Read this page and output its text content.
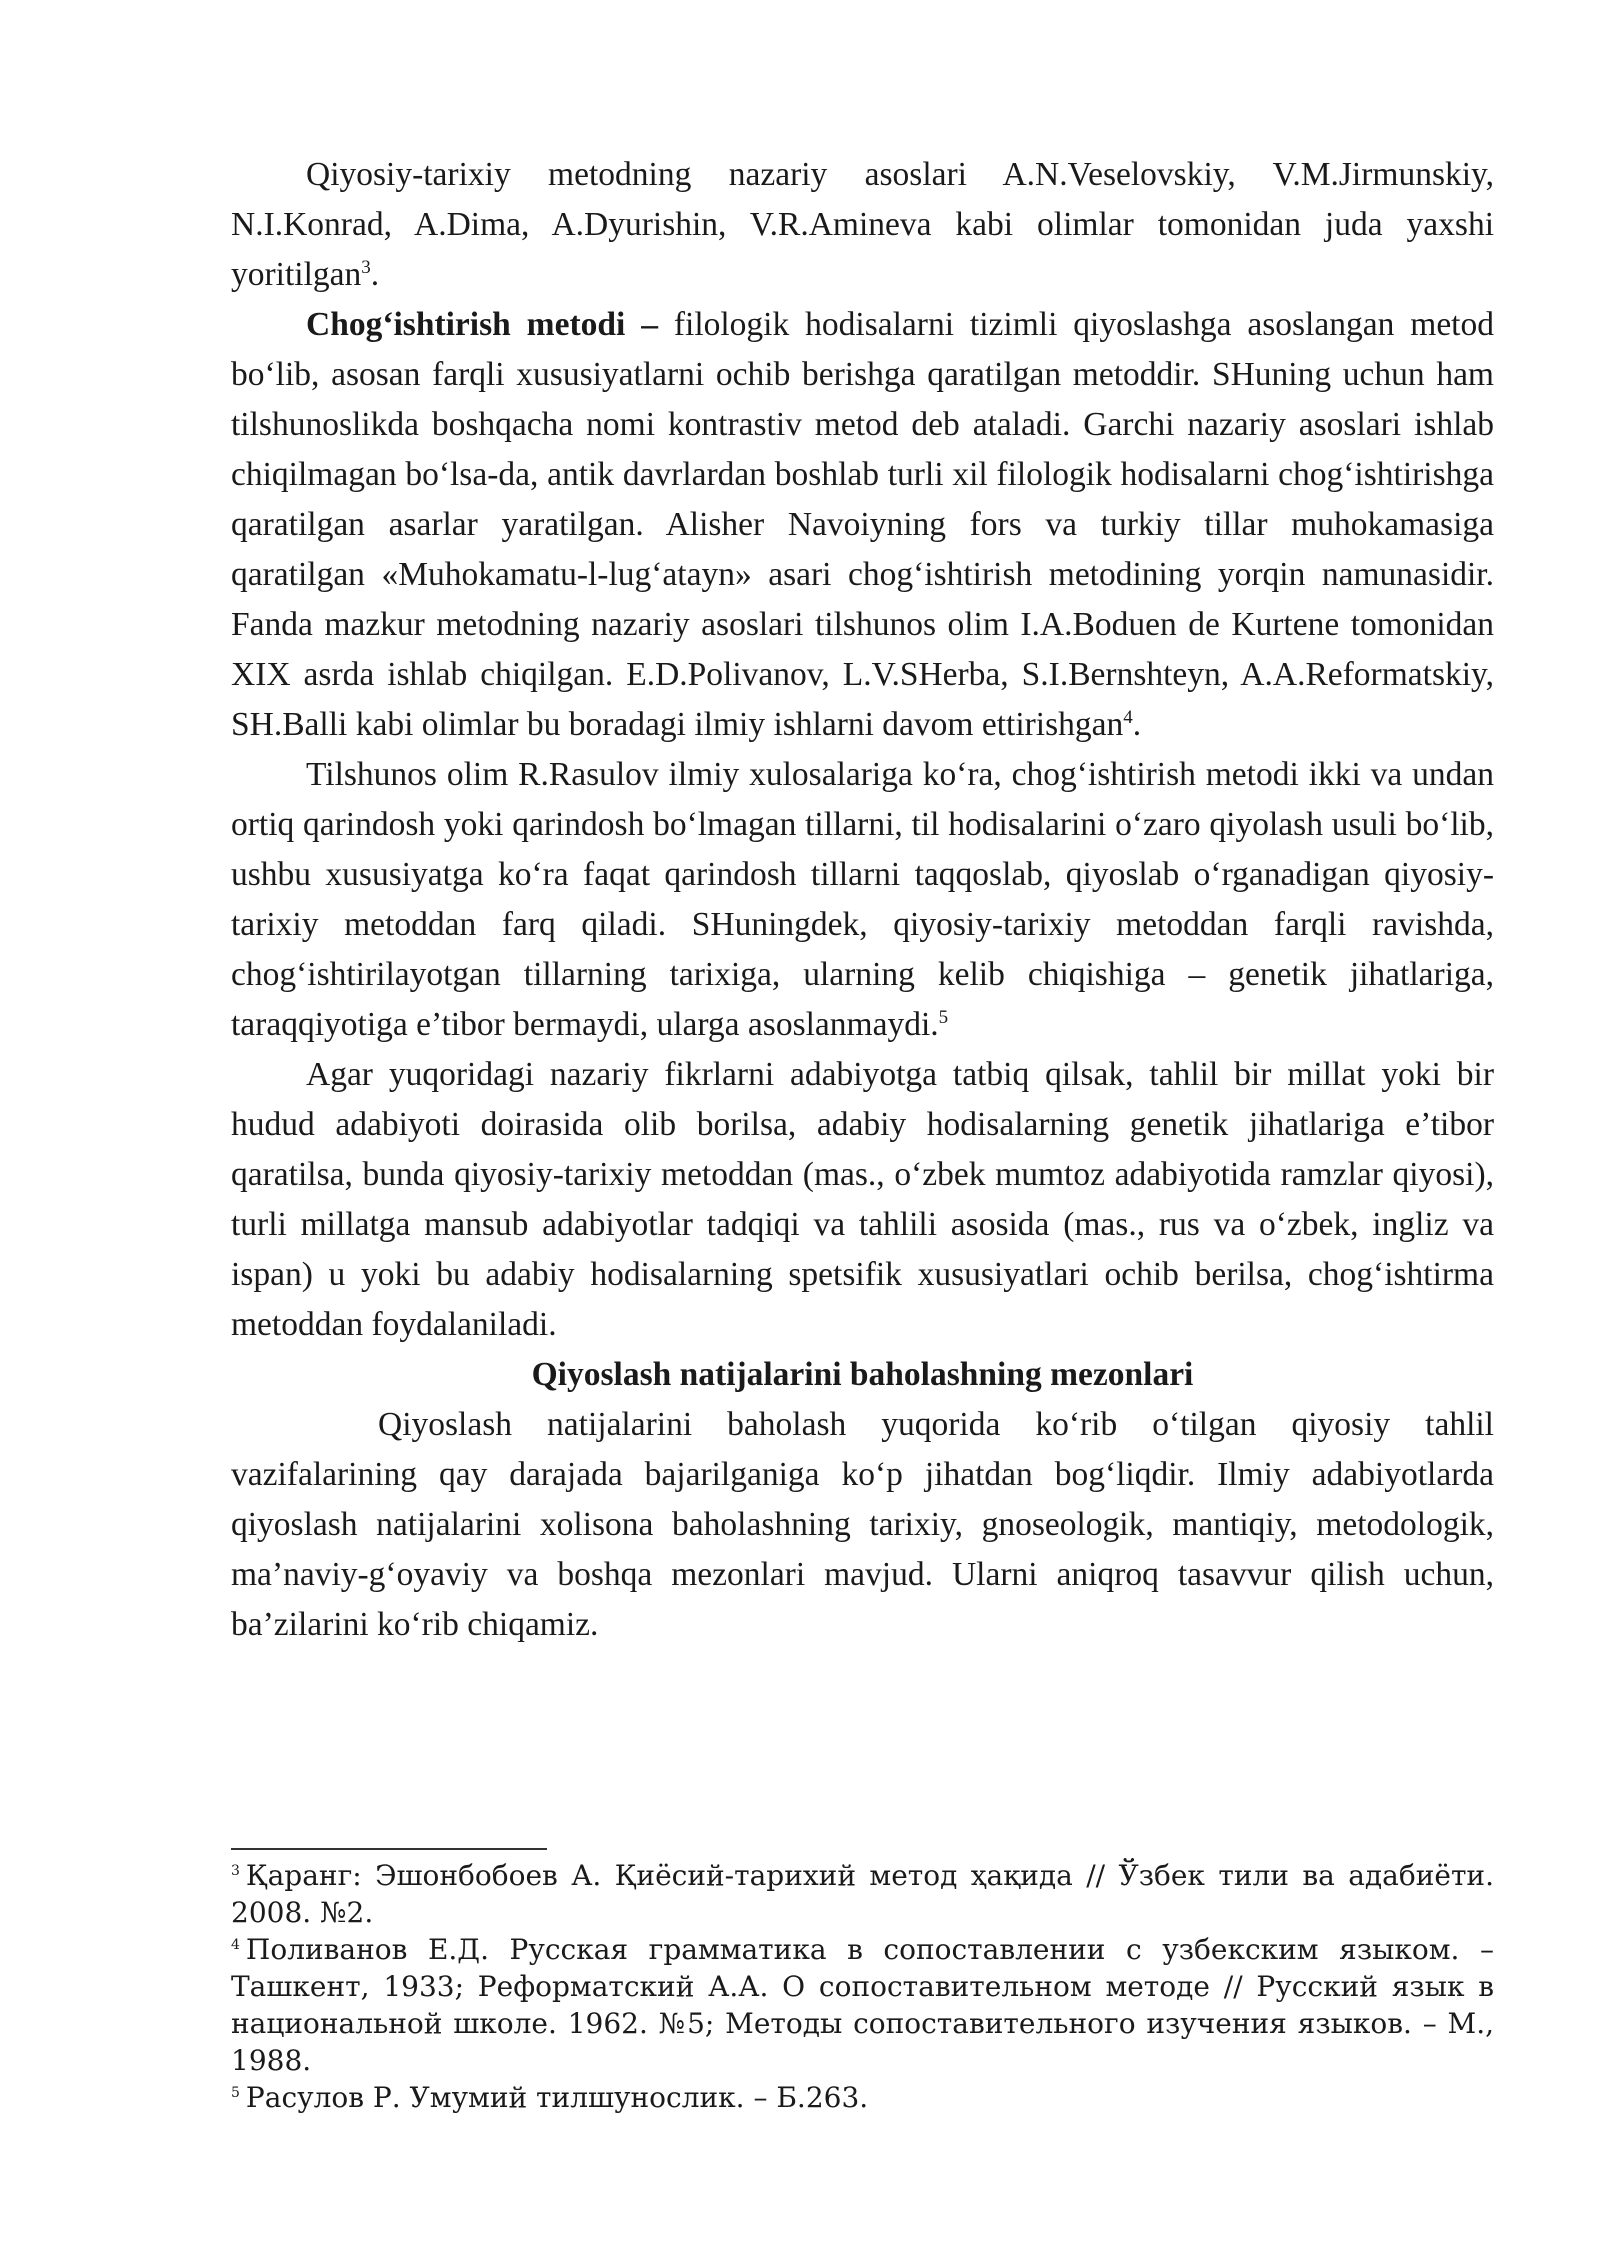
Qiyosiy-tarixiy metodning nazariy asoslari A.N.Veselovskiy, V.M.Jirmunskiy, N.I.Konrad, A.Dima, A.Dyurishin, V.R.Amineva kabi olimlar tomonidan juda yaxshi yoritilgan$^3$.

Chog‘ishtirish metodi – filologik hodisalarni tizimli qiyoslashga asoslangan metod bo‘lib, asosan farqli xususiyatlarni ochib berishga qaratilgan metoddir. SHuning uchun ham tilshunoslikda boshqacha nomi kontrastiv metod deb ataladi. Garchi nazariy asoslari ishlab chiqilmagan bo‘lsa-da, antik davrlardan boshlab turli xil filologik hodisalarni chog‘ishtirishga qaratilgan asarlar yaratilgan. Alisher Navoiyning fors va turkiy tillar muhokamasiga qaratilgan «Muhokamatu-l-lug‘atayn» asari chog‘ishtirish metodining yorqin namunasidir. Fanda mazkur metodning nazariy asoslari tilshunos olim I.A.Boduen de Kurtene tomonidan XIX asrda ishlab chiqilgan. E.D.Polivanov, L.V.SHerba, S.I.Bernshteyn, A.A.Reformatskiy, SH.Balli kabi olimlar bu boradagi ilmiy ishlarni davom ettirishgan$^4$.

Tilshunos olim R.Rasulov ilmiy xulosalariga ko‘ra, chog‘ishtirish metodi ikki va undan ortiq qarindosh yoki qarindosh bo‘lmagan tillarni, til hodisalarini o‘zaro qiyolash usuli bo‘lib, ushbu xususiyatga ko‘ra faqat qarindosh tillarni taqqoslab, qiyoslab o‘rganadigan qiyosiy-tarixiy metoddan farq qiladi. SHuningdek, qiyosiy-tarixiy metoddan farqli ravishda, chog‘ishtirilayotgan tillarning tarixiga, ularning kelib chiqishiga – genetik jihatlariga, taraqqiyotiga e’tibor bermaydi, ularga asoslanmaydi.$^5$

Agar yuqoridagi nazariy fikrlarni adabiyotga tatbiq qilsak, tahlil bir millat yoki bir hudud adabiyoti doirasida olib borilsa, adabiy hodisalarning genetik jihatlariga e’tibor qaratilsa, bunda qiyosiy-tarixiy metoddan (mas., o‘zbek mumtoz adabiyotida ramzlar qiyosi), turli millatga mansub adabiyotlar tadqiqi va tahlili asosida (mas., rus va o‘zbek, ingliz va ispan) u yoki bu adabiy hodisalarning spetsifik xususiyatlari ochib berilsa, chog‘ishtirma metoddan foydalaniladi.

Qiyoslash natijalarini baholashning mezonlari

Qiyoslash natijalarini baholash yuqorida ko‘rib o‘tilgan qiyosiy tahlil vazifalarining qay darajada bajarilganiga ko‘p jihatdan bog‘liqdir. Ilmiy adabiyotlarda qiyoslash natijalarini xolisona baholashning tarixiy, gnoseologik, mantiqiy, metodologik, ma’naviy-g‘oyaviy va boshqa mezonlari mavjud. Ularni aniqroq tasavvur qilish uchun, ba’zilarini ko‘rib chiqamiz.

$^3$ Қаранг: Эшонбобоев А. Қиёсий-тарихий метод ҳақида // Ўзбек тили ва адабиёти. 2008. №2.

$^4$ Поливанов Е.Д. Русская грамматика в сопоставлении с узбекским языком. – Ташкент, 1933; Реформатский А.А. О сопоставительном методе // Русский язык в национальной школе. 1962. №5; Методы сопоставительного изучения языков. – М., 1988.

$^5$ Расулов Р. Умумий тилшунослик. – Б.263.
